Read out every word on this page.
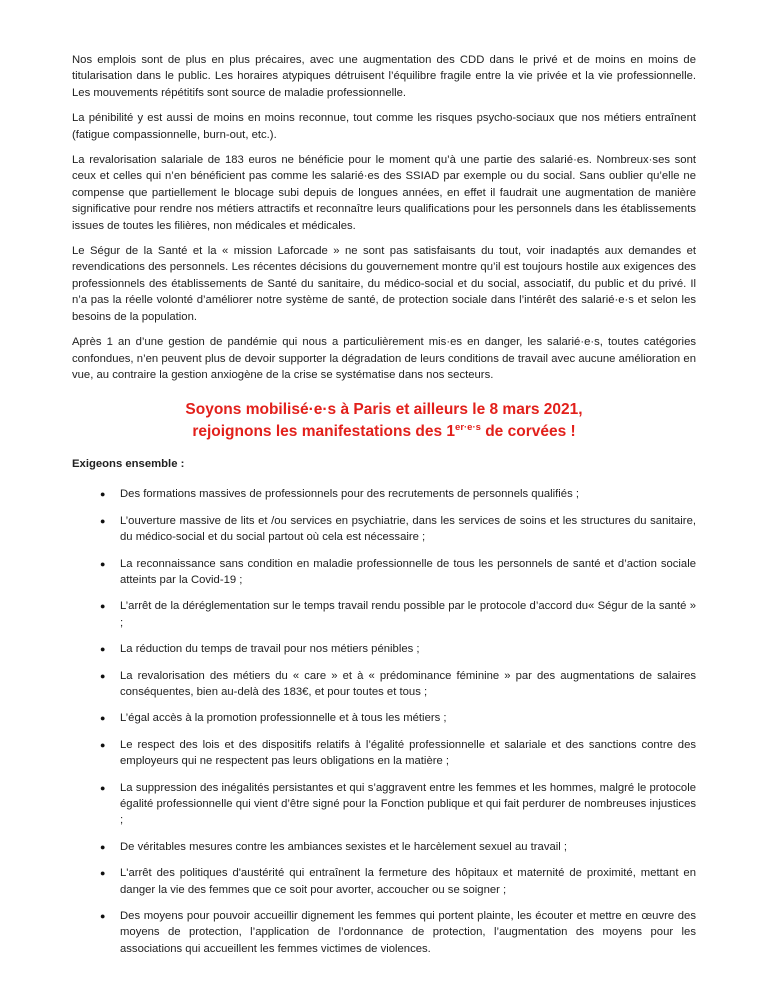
Nos emplois sont de plus en plus précaires, avec une augmentation des CDD dans le privé et de moins en moins de titularisation dans le public. Les horaires atypiques détruisent l’équilibre fragile entre la vie privée et la vie professionnelle. Les mouvements répétitifs sont source de maladie professionnelle.

La pénibilité y est aussi de moins en moins reconnue, tout comme les risques psycho-sociaux que nos métiers entraînent (fatigue compassionnelle, burn-out, etc.).

La revalorisation salariale de 183 euros ne bénéficie pour le moment qu’à une partie des salarié·es. Nombreux·ses sont ceux et celles qui n’en bénéficient pas comme les salarié·es des SSIAD par exemple ou du social. Sans oublier qu’elle ne compense que partiellement le blocage subi depuis de longues années, en effet il faudrait une augmentation de manière significative pour rendre nos métiers attractifs et reconnaître leurs qualifications pour les personnels dans les établissements issues de toutes les filières, non médicales et médicales.

Le Ségur de la Santé et la « mission Laforcade » ne sont pas satisfaisants du tout, voir inadaptés aux demandes et revendications des personnels. Les récentes décisions du gouvernement montre qu’il est toujours hostile aux exigences des professionnels des établissements de Santé du sanitaire, du médico-social et du social, associatif, du public et du privé. Il n’a pas la réelle volonté d’améliorer notre système de santé, de protection sociale dans l’intérêt des salarié·e·s et selon les besoins de la population.

Après 1 an d’une gestion de pandémie qui nous a particulièrement mis·es en danger, les salarié·e·s, toutes catégories confondues, n’en peuvent plus de devoir supporter la dégradation de leurs conditions de travail avec aucune amélioration en vue, au contraire la gestion anxiogène de la crise se systématise dans nos secteurs.

Soyons mobilisé·e·s à Paris et ailleurs le 8 mars 2021,
rejoignons les manifestations des $1^{er\cdot e\cdot s}$ de corvées !

Exigeons ensemble :

●	Des formations massives de professionnels pour des recrutements de personnels qualifiés ;
●	L’ouverture massive de lits et /ou services en psychiatrie, dans les services de soins et les structures du sanitaire, du médico-social et du social partout où cela est nécessaire ;
●	La reconnaissance sans condition en maladie professionnelle de tous les personnels de santé et d’action sociale atteints par la Covid-19 ;
●	L’arrêt de la déréglementation sur le temps travail rendu possible par le protocole d’accord du« Ségur de la santé » ;
●	La réduction du temps de travail pour nos métiers pénibles ;
●	La revalorisation des métiers du « care » et à « prédominance féminine » par des augmentations de salaires conséquentes, bien au-delà des 183€, et pour toutes et tous ;
●	L’égal accès à la promotion professionnelle et à tous les métiers ;
●	Le respect des lois et des dispositifs relatifs à l’égalité professionnelle et salariale et des sanctions contre des employeurs qui ne respectent pas leurs obligations en la matière ;
●	La suppression des inégalités persistantes et qui s’aggravent entre les femmes et les hommes, malgré le protocole égalité professionnelle qui vient d’être signé pour la Fonction publique et qui fait perdurer de nombreuses injustices ;
●	De véritables mesures contre les ambiances sexistes et le harcèlement sexuel au travail ;
●	L'arrêt des politiques d'austérité qui entraînent la fermeture des hôpitaux et maternité de proximité, mettant en danger la vie des femmes que ce soit pour avorter, accoucher ou se soigner ;
●	Des moyens pour pouvoir accueillir dignement les femmes qui portent plainte, les écouter et mettre en œuvre des moyens de protection, l’application de l’ordonnance de protection, l’augmentation des moyens pour les associations qui accueillent les femmes victimes de violences.
